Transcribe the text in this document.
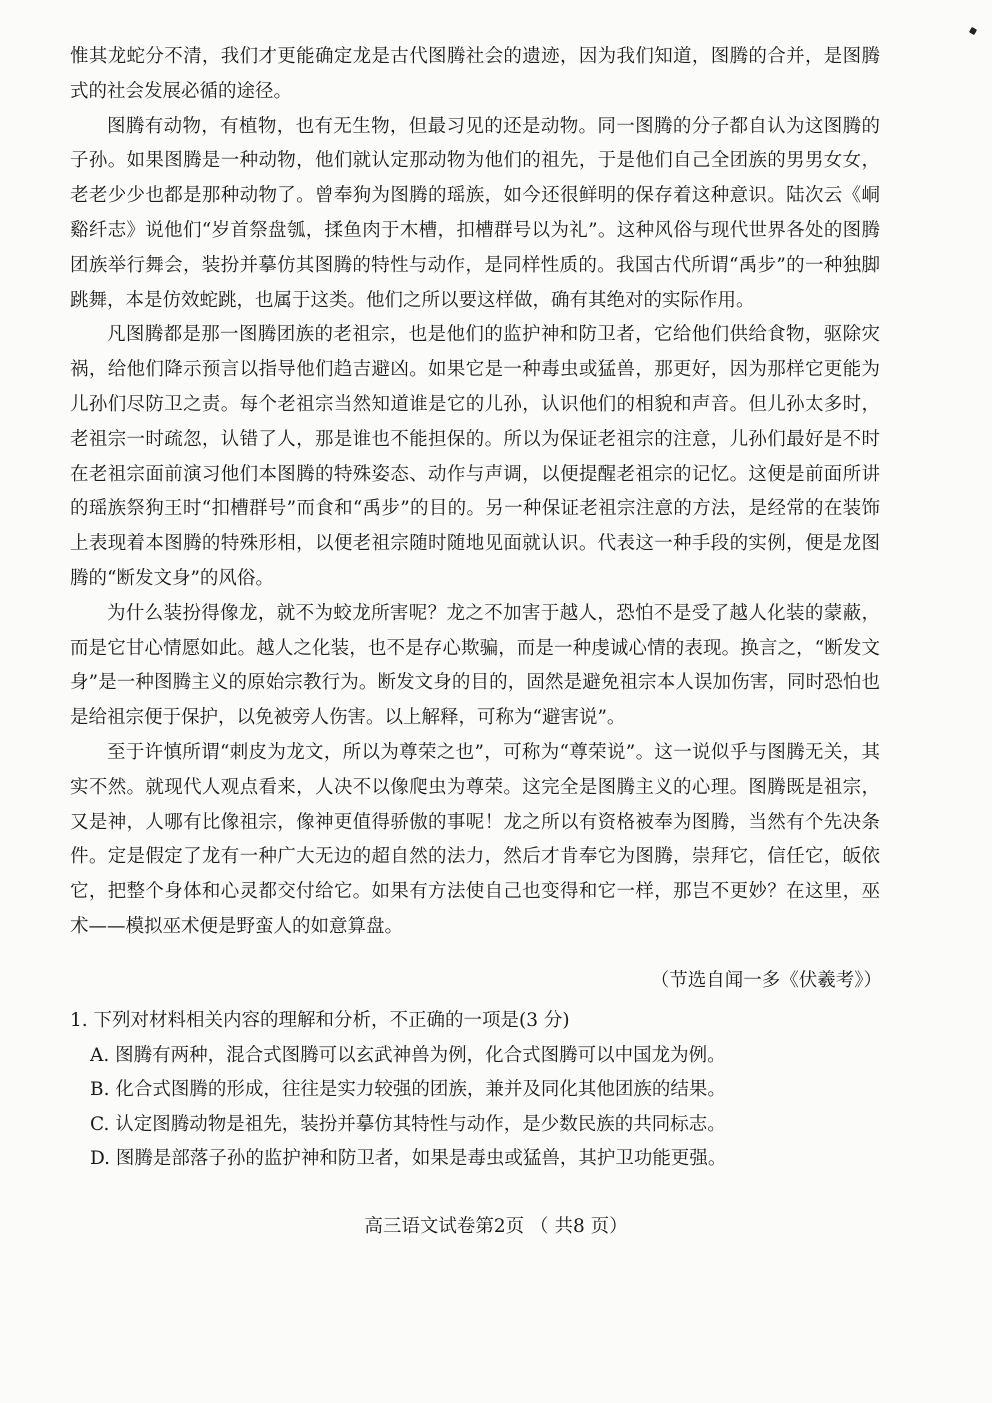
惟其龙蛇分不清，我们才更能确定龙是古代图腾社会的遗迹，因为我们知道，图腾的合并，是图腾式的社会发展必循的途径。

图腾有动物，有植物，也有无生物，但最习见的还是动物。同一图腾的分子都自认为这图腾的子孙。如果图腾是一种动物，他们就认定那动物为他们的祖先，于是他们自己全团族的男男女女，老老少少也都是那种动物了。曾奉狗为图腾的瑶族，如今还很鲜明的保存着这种意识。陆次云《峒谿纤志》说他们“岁首祭盘瓠，揉鱼肉于木槽，扣槽群号以为礼”。这种风俗与现代世界各处的图腾团族举行舞会，装扮并摹仿其图腾的特性与动作，是同样性质的。我国古代所谓“禹步”的一种独脚跳舞，本是仿效蛇跳，也属于这类。他们之所以要这样做，确有其绝对的实际作用。

凡图腾都是那一图腾团族的老祖宗，也是他们的监护神和防卫者，它给他们供给食物，驱除灾祸，给他们降示预言以指导他们趋吉避凶。如果它是一种毒虫或猛兽，那更好，因为那样它更能为儿孙们尽防卫之责。每个老祖宗当然知道谁是它的儿孙，认识他们的相貌和声音。但儿孙太多时，老祖宗一时疏忽，认错了人，那是谁也不能担保的。所以为保证老祖宗的注意，儿孙们最好是不时在老祖宗面前演习他们本图腾的特殊姿态、动作与声调，以便提醒老祖宗的记忆。这便是前面所讲的瑶族祭狗王时“扣槽群号”而食和“禹步”的目的。另一种保证老祖宗注意的方法，是经常的在装饰上表现着本图腾的特殊形相，以便老祖宗随时随地见面就认识。代表这一种手段的实例，便是龙图腾的“断发文身”的风俗。

为什么装扮得像龙，就不为蛟龙所害呢？龙之不加害于越人，恐怕不是受了越人化装的蒙蔽，而是它甘心情愿如此。越人之化装，也不是存心欺骗，而是一种虔诚心情的表现。换言之，“断发文身”是一种图腾主义的原始宗教行为。断发文身的目的，固然是避免祖宗本人误加伤害，同时恐怕也是给祖宗便于保护，以免被旁人伤害。以上解释，可称为“避害说”。

至于许慎所谓“刺皮为龙文，所以为尊荣之也”，可称为“尊荣说”。这一说似乎与图腾无关，其实不然。就现代人观点看来，人决不以像爬虫为尊荣。这完全是图腾主义的心理。图腾既是祖宗，又是神，人哪有比像祖宗，像神更值得骄傲的事呢！龙之所以有资格被奉为图腾，当然有个先决条件。定是假定了龙有一种广大无边的超自然的法力，然后才肯奉它为图腾，崇拜它，信任它，皈依它，把整个身体和心灵都交付给它。如果有方法使自己也变得和它一样，那岂不更妙？在这里，巫术——模拟巫术便是野蛮人的如意算盘。

（节选自闻一多《伏羲考》）

1. 下列对材料相关内容的理解和分析，不正确的一项是(3 分)

A. 图腾有两种，混合式图腾可以玄武神兽为例，化合式图腾可以中国龙为例。
B. 化合式图腾的形成，往往是实力较强的团族，兼并及同化其他团族的结果。
C. 认定图腾动物是祖先，装扮并摹仿其特性与动作，是少数民族的共同标志。
D. 图腾是部落子孙的监护神和防卫者，如果是毒虫或猛兽，其护卫功能更强。
高三语文试卷第2页 （ 共8 页）
